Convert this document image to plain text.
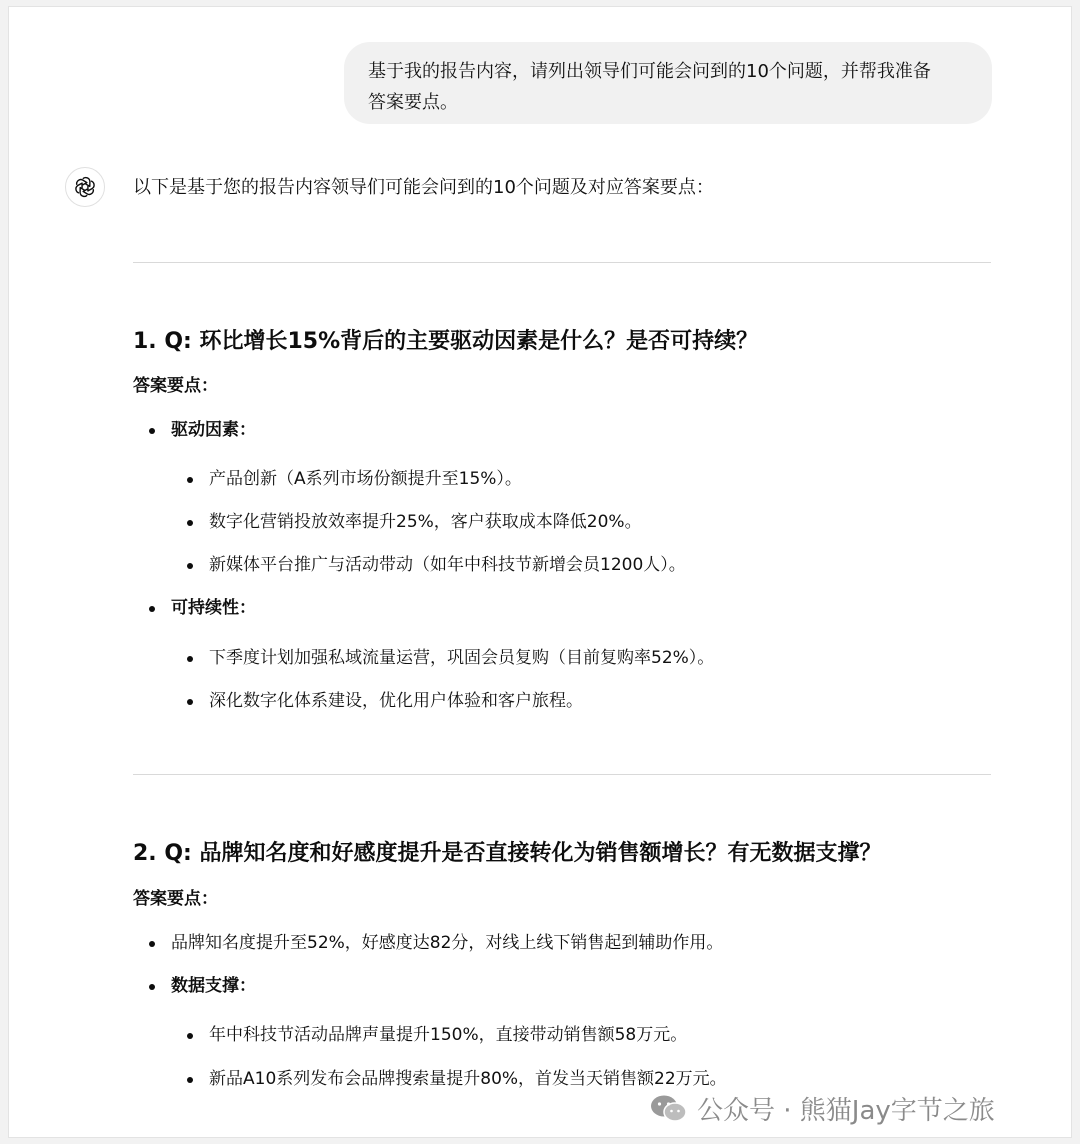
基于我的报告内容，请列出领导们可能会问到的10个问题，并帮我准备
答案要点。
以下是基于您的报告内容领导们可能会问到的10个问题及对应答案要点：
1. Q: 环比增长15%背后的主要驱动因素是什么？是否可持续？
答案要点：
驱动因素：
产品创新（A系列市场份额提升至15%）。
数字化营销投放效率提升25%，客户获取成本降低20%。
新媒体平台推广与活动带动（如年中科技节新增会员1200人）。
可持续性：
下季度计划加强私域流量运营，巩固会员复购（目前复购率52%）。
深化数字化体系建设，优化用户体验和客户旅程。
2. Q: 品牌知名度和好感度提升是否直接转化为销售额增长？有无数据支撑？
答案要点：
品牌知名度提升至52%，好感度达82分，对线上线下销售起到辅助作用。
数据支撑：
年中科技节活动品牌声量提升150%，直接带动销售额58万元。
新品A10系列发布会品牌搜索量提升80%，首发当天销售额22万元。
公众号 · 熊猫Jay字节之旅
